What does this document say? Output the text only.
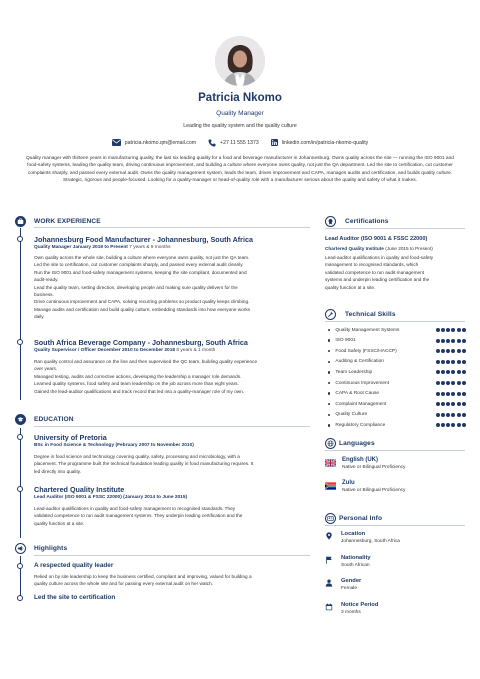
Patricia Nkomo
Quality Manager
Leading the quality system and the quality culture
patricia.nkomo.qm@email.com	+27 11 555 1373	linkedin.com/in/patricia-nkomo-quality
Quality manager with thirteen years in manufacturing quality, the last six leading quality for a food and beverage manufacturer in Johannesburg. Owns quality across the site — running the ISO 9001 and food-safety systems, leading the quality team, driving continuous improvement, and building a culture where everyone owns quality, not just the QA department. Led the site to certification, cut customer complaints sharply, and passed every external audit. Owns the quality management system, leads the team, drives improvement and CAPA, manages audits and certification, and builds quality culture. Strategic, rigorous and people-focused. Looking for a quality-manager or head-of-quality role with a manufacturer serious about the quality and safety of what it makes.
WORK EXPERIENCE
Johannesburg Food Manufacturer - Johannesburg, South Africa
Quality Manager January 2019 to Present 7 years & 9 months
Own quality across the whole site, building a culture where everyone owns quality, not just the QA team.
Led the site to certification, cut customer complaints sharply, and passed every external audit cleanly.
Run the ISO 9001 and food-safety management systems, keeping the site compliant, documented and
audit-ready.
Lead the quality team, setting direction, developing people and making sure quality delivers for the
business.
Drive continuous improvement and CAPA, solving recurring problems so product quality keeps climbing.
Manage audits and certification and build quality culture, embedding standards into how everyone works
daily.
South Africa Beverage Company - Johannesburg, South Africa
Quality Supervisor / Officer December 2010 to December 2018 8 years & 1 month
Ran quality control and assurance on the line and then supervised the QC team, building quality experience
over years.
Managed testing, audits and corrective actions, developing the leadership a manager role demands.
Learned quality systems, food safety and team leadership on the job across more than eight years.
Gained the lead-auditor qualifications and track record that led into a quality-manager role of my own.
EDUCATION
University of Pretoria
BSc in Food Science & Technology (February 2007 to November 2010)
Degree in food science and technology covering quality, safety, processing and microbiology, with a
placement. The programme built the technical foundation leading quality in food manufacturing requires. It
led directly into quality.
Chartered Quality Institute
Lead Auditor (ISO 9001 & FSSC 22000) (January 2014 to June 2015)
Lead-auditor qualifications in quality and food-safety management to recognised standards. They
validated competence to run audit management systems. They underpin leading certification and the
quality function at a site.
Highlights
A respected quality leader
Relied on by site leadership to keep the business certified, compliant and improving, valued for building a
quality culture across the whole site and for passing every external audit on her watch.
Led the site to certification
Certifications
Lead Auditor (ISO 9001 & FSSC 22000)
Chartered Quality Institute (June 2015 to Present)
Lead-auditor qualifications in quality and food-safety
management to recognised standards, which
validated competence to run audit management
systems and underpin leading certification and the
quality function at a site.
Technical Skills
Quality Management Systems
ISO 9001
Food Safety (FSSC/HACCP)
Auditing & Certification
Team Leadership
Continuous Improvement
CAPA & Root Cause
Complaint Management
Quality Culture
Regulatory Compliance
Languages
English (UK)
Native or Bilingual Proficiency
Zulu
Native or Bilingual Proficiency
Personal Info
Location
Johannesburg, South Africa
Nationality
South African
Gender
Female
Notice Period
3 months
